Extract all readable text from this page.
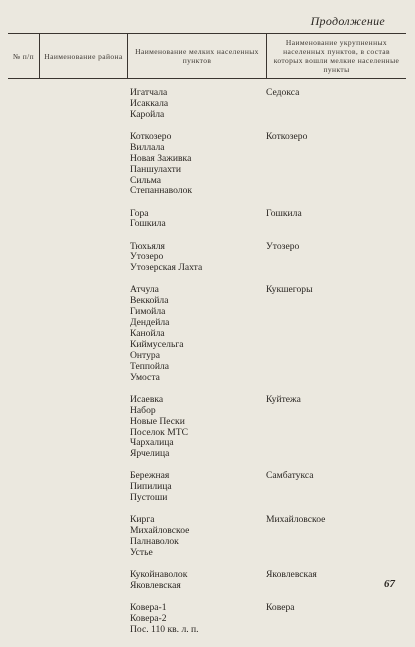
Продолжение
№ п/п	Наименование района	Наименование мелких населенных пунктов
Наименование укрупненных населенных пунктов, в состав которых вошли мелкие населенные пункты
Игатчала
Исаккала
Каройла
Седокса
Коткозеро
Виллала
Новая Заживка
Паншулахти
Сильма
Степаннаволок
Коткозеро
Гора
Гошкила
Гошкила
Тюхьяля
Утозеро
Утозерская Лахта
Утозеро
Атчула
Веккойла
Гимойла
Дендейла
Канойла
Киймусельга
Онтура
Теппойла
Умоста
Кукшегоры
Исаевка
Набор
Новые Пески
Поселок МТС
Чархалица
Ярчелица
Куйтежа
Бережная
Пипилица
Пустоши
Самбатукса
Кирга
Михайловское
Палнаволок
Устье
Михайловское
Кукойнаволок
Яковлевская
Яковлевская
Ковера-1
Ковера-2
Пос. 110 кв. л. п.
Ковера
67
